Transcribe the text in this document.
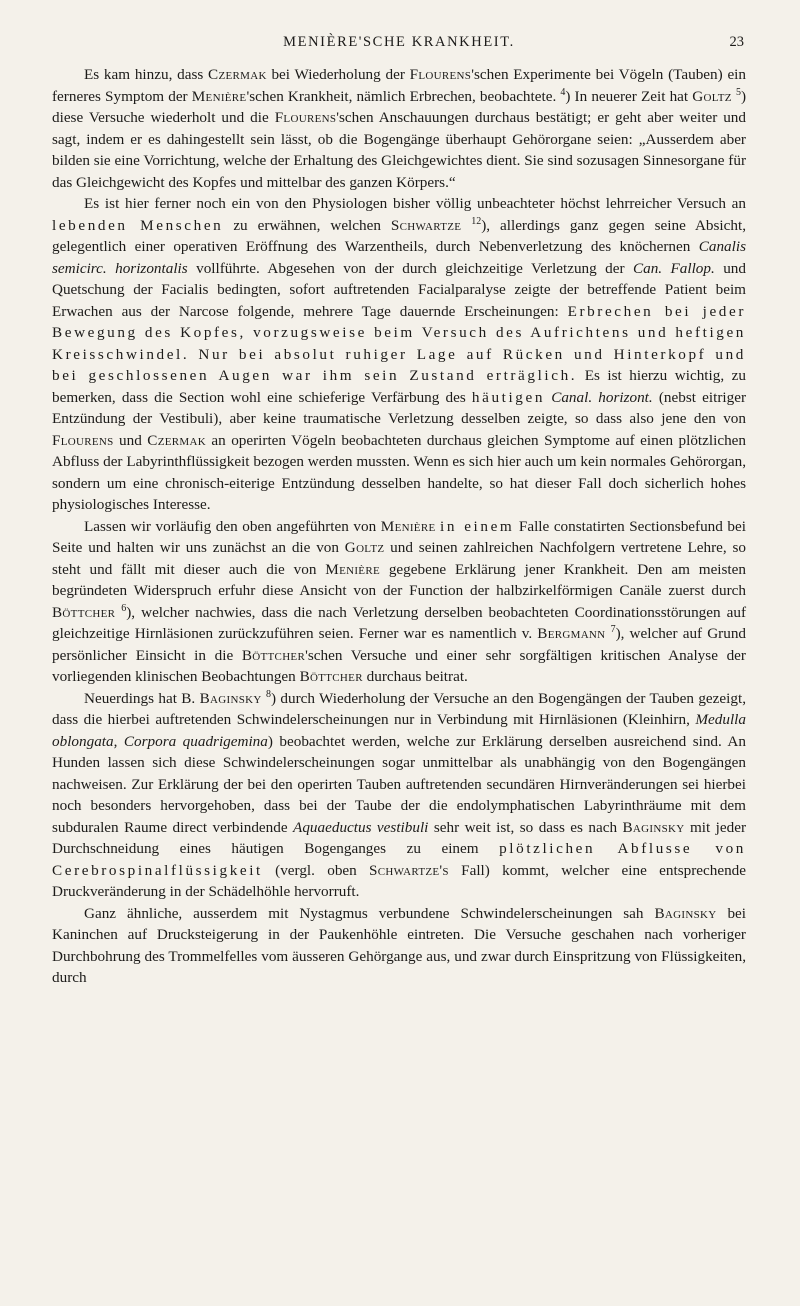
MENIÈRE'SCHE KRANKHEIT.	23

Es kam hinzu, dass Czermak bei Wiederholung der Flourens'schen Experimente bei Vögeln (Tauben) ein ferneres Symptom der Menière'schen Krankheit, nämlich Erbrechen, beobachtete. $^4$) In neuerer Zeit hat Goltz $^5$) diese Versuche wiederholt und die Flourens'schen Anschauungen durchaus bestätigt; er geht aber weiter und sagt, indem er es dahingestellt sein lässt, ob die Bogengänge überhaupt Gehörorgane seien: „Ausserdem aber bilden sie eine Vorrichtung, welche der Erhaltung des Gleichgewichtes dient. Sie sind sozusagen Sinnesorgane für das Gleichgewicht des Kopfes und mittelbar des ganzen Körpers.“

Es ist hier ferner noch ein von den Physiologen bisher völlig unbeachteter höchst lehrreicher Versuch an lebenden Menschen zu erwähnen, welchen Schwartze $^{12}$), allerdings ganz gegen seine Absicht, gelegentlich einer operativen Eröffnung des Warzentheils, durch Nebenverletzung des knöchernen Canalis semicirc. horizontalis vollführte. Abgesehen von der durch gleichzeitige Verletzung der Can. Fallop. und Quetschung der Facialis bedingten, sofort auftretenden Facialparalyse zeigte der betreffende Patient beim Erwachen aus der Narcose folgende, mehrere Tage dauernde Erscheinungen: Erbrechen bei jeder Bewegung des Kopfes, vorzugsweise beim Versuch des Aufrichtens und heftigen Kreisschwindel. Nur bei absolut ruhiger Lage auf Rücken und Hinterkopf und bei geschlossenen Augen war ihm sein Zustand erträglich. Es ist hierzu wichtig, zu bemerken, dass die Section wohl eine schieferige Verfärbung des häutigen Canal. horizont. (nebst eitriger Entzündung der Vestibuli), aber keine traumatische Verletzung desselben zeigte, so dass also jene den von Flourens und Czermak an operirten Vögeln beobachteten durchaus gleichen Symptome auf einen plötzlichen Abfluss der Labyrinthflüssigkeit bezogen werden mussten. Wenn es sich hier auch um kein normales Gehörorgan, sondern um eine chronisch-eiterige Entzündung desselben handelte, so hat dieser Fall doch sicherlich hohes physiologisches Interesse.

Lassen wir vorläufig den oben angeführten von Menière in einem Falle constatirten Sectionsbefund bei Seite und halten wir uns zunächst an die von Goltz und seinen zahlreichen Nachfolgern vertretene Lehre, so steht und fällt mit dieser auch die von Menière gegebene Erklärung jener Krankheit. Den am meisten begründeten Widerspruch erfuhr diese Ansicht von der Function der halbzirkelförmigen Canäle zuerst durch Böttcher $^6$), welcher nachwies, dass die nach Verletzung derselben beobachteten Coordinationsstörungen auf gleichzeitige Hirnläsionen zurückzuführen seien. Ferner war es namentlich v. Bergmann $^7$), welcher auf Grund persönlicher Einsicht in die Böttcher'schen Versuche und einer sehr sorgfältigen kritischen Analyse der vorliegenden klinischen Beobachtungen Böttcher durchaus beitrat.

Neuerdings hat B. Baginsky $^8$) durch Wiederholung der Versuche an den Bogengängen der Tauben gezeigt, dass die hierbei auftretenden Schwindelerscheinungen nur in Verbindung mit Hirnläsionen (Kleinhirn, Medulla oblongata, Corpora quadrigemina) beobachtet werden, welche zur Erklärung derselben ausreichend sind. An Hunden lassen sich diese Schwindelerscheinungen sogar unmittelbar als unabhängig von den Bogengängen nachweisen. Zur Erklärung der bei den operirten Tauben auftretenden secundären Hirnveränderungen sei hierbei noch besonders hervorgehoben, dass bei der Taube der die endolymphatischen Labyrinthräume mit dem subduralen Raume direct verbindende Aquaeductus vestibuli sehr weit ist, so dass es nach Baginsky mit jeder Durchschneidung eines häutigen Bogenganges zu einem plötzlichen Abflusse von Cerebrospinalflüssigkeit (vergl. oben Schwartze's Fall) kommt, welcher eine entsprechende Druckveränderung in der Schädelhöhle hervorruft.

Ganz ähnliche, ausserdem mit Nystagmus verbundene Schwindelerscheinungen sah Baginsky bei Kaninchen auf Drucksteigerung in der Paukenhöhle eintreten. Die Versuche geschahen nach vorheriger Durchbohrung des Trommelfelles vom äusseren Gehörgange aus, und zwar durch Einspritzung von Flüssigkeiten, durch
